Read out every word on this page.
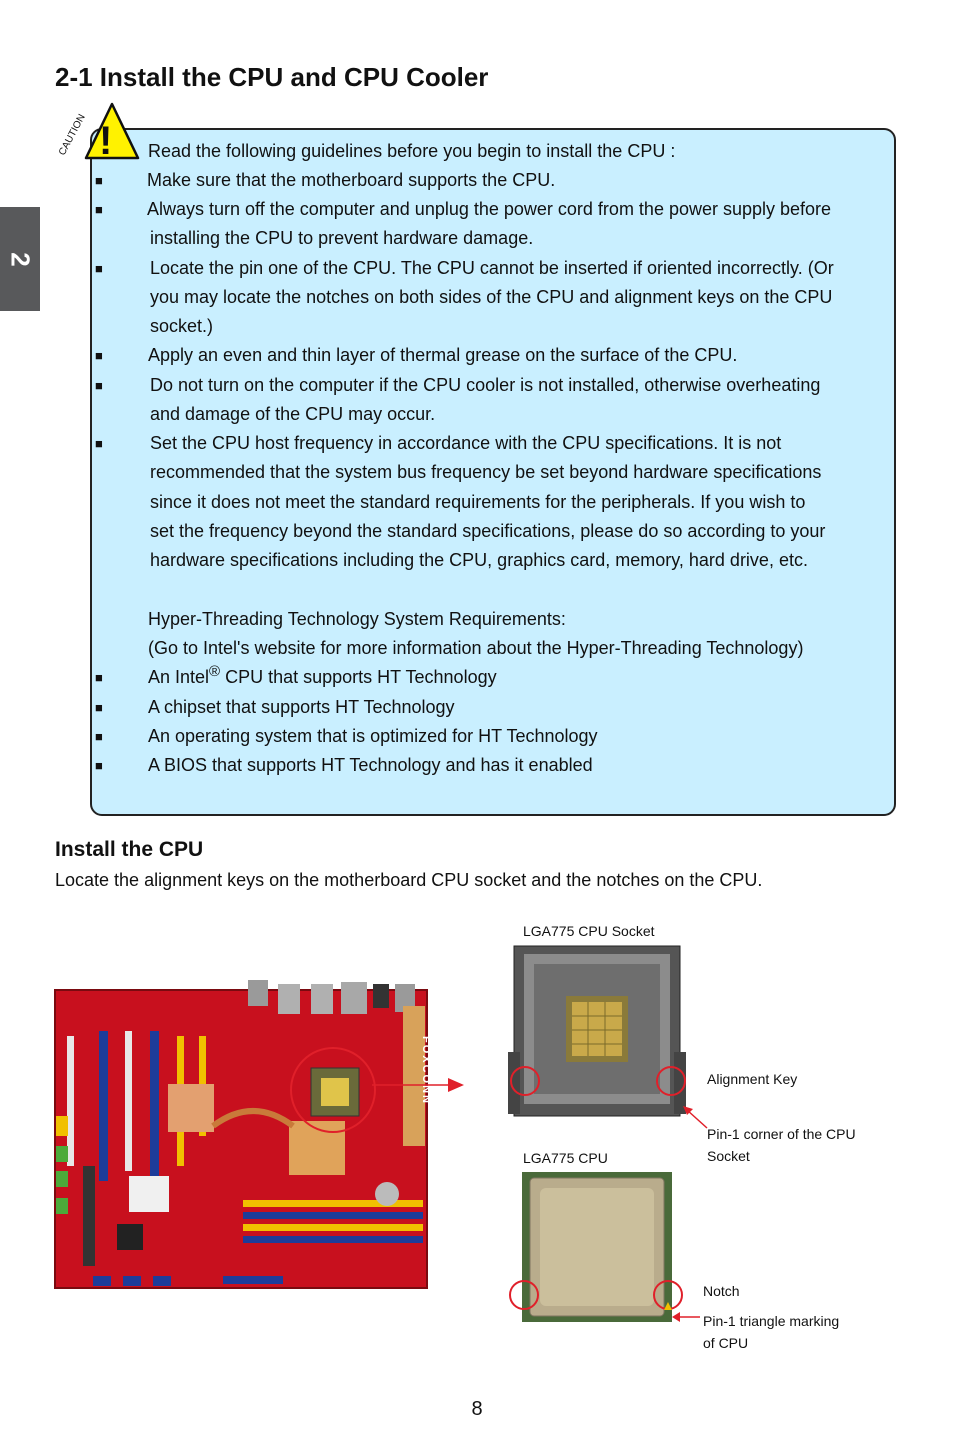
2
2-1 Install the CPU and CPU Cooler
!
CAUTION	Read the following guidelines before you begin to install the CPU :
■ Make sure that the motherboard supports the CPU.
■ Always turn off the computer and unplug the power cord from the power supply before
installing the CPU to prevent hardware damage.
■	Locate the pin one of the CPU. The CPU cannot be inserted if oriented incorrectly. (Or
you may locate the notches on both sides of the CPU and alignment keys on the CPU
socket.)
■	Apply an even and thin layer of thermal grease on the surface of the CPU.
■	Do not turn on the computer if the CPU cooler is not installed, otherwise overheating
and damage of the CPU may occur.
■	Set the CPU host frequency in accordance with the CPU specifications. It is not
recommended that the system bus frequency be set beyond hardware specifications
since it does not meet the standard requirements for the peripherals. If you wish to
set the frequency beyond the standard specifications, please do so according to your
hardware specifications including the CPU, graphics card, memory, hard drive, etc.
Hyper-Threading Technology System Requirements:
(Go to Intel's website for more information about the Hyper-Threading Technology)
■	An Intel® CPU that supports HT Technology
■	A chipset that supports HT Technology
■	An operating system that is optimized for HT Technology
■	A BIOS that supports HT Technology and has it enabled
Install the CPU
Locate the alignment keys on the motherboard CPU socket and the notches on the CPU.
FOXCONN
LGA775 CPU Socket
Alignment Key
Pin-1 corner of the CPU
Socket
LGA775 CPU
Notch
Pin-1 triangle marking
of CPU
8
